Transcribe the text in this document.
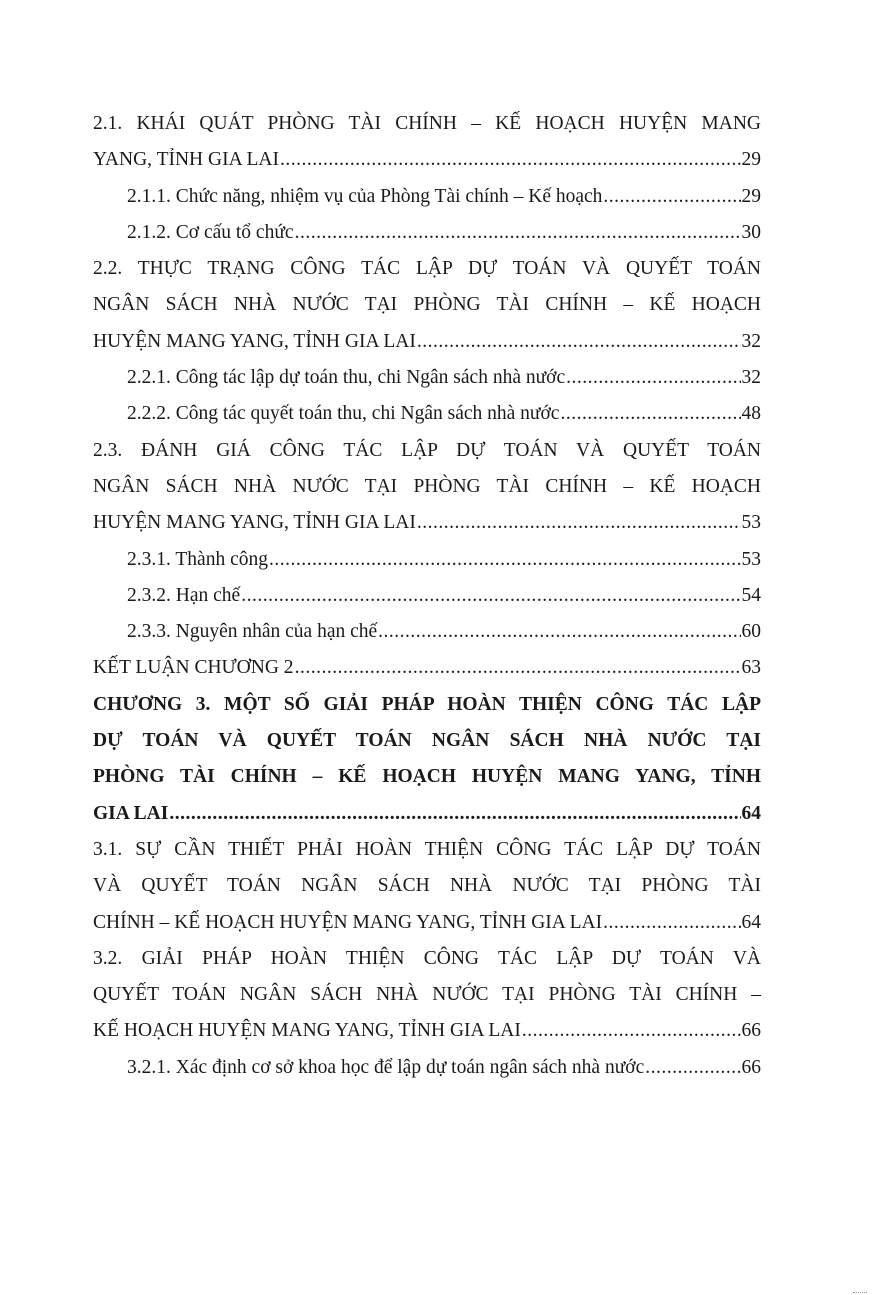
2.1. KHÁI QUÁT PHÒNG TÀI CHÍNH – KẾ HOẠCH HUYỆN MANG
YANG, TỈNH GIA LAI .....	29
2.1.1. Chức năng, nhiệm vụ của Phòng Tài chính – Kế hoạch .....	29
2.1.2. Cơ cấu tổ chức .....	30
2.2. THỰC TRẠNG CÔNG TÁC LẬP DỰ TOÁN VÀ QUYẾT TOÁN
NGÂN SÁCH NHÀ NƯỚC TẠI PHÒNG TÀI CHÍNH – KẾ HOẠCH
HUYỆN MANG YANG, TỈNH GIA LAI .....	32
2.2.1. Công tác lập dự toán thu, chi Ngân sách nhà nước .....	32
2.2.2. Công tác quyết toán thu, chi Ngân sách nhà nước .....	48
2.3. ĐÁNH GIÁ CÔNG TÁC LẬP DỰ TOÁN VÀ QUYẾT TOÁN
NGÂN SÁCH NHÀ NƯỚC TẠI PHÒNG TÀI CHÍNH – KẾ HOẠCH
HUYỆN MANG YANG, TỈNH GIA LAI .....	53
2.3.1. Thành công .....	53
2.3.2. Hạn chế .....	54
2.3.3. Nguyên nhân của hạn chế .....	60
KẾT LUẬN CHƯƠNG 2 .....	63
CHƯƠNG 3. MỘT SỐ GIẢI PHÁP HOÀN THIỆN CÔNG TÁC LẬP
DỰ TOÁN VÀ QUYẾT TOÁN NGÂN SÁCH NHÀ NƯỚC TẠI
PHÒNG TÀI CHÍNH – KẾ HOẠCH HUYỆN MANG YANG, TỈNH
GIA LAI .....	64
3.1. SỰ CẦN THIẾT PHẢI HOÀN THIỆN CÔNG TÁC LẬP DỰ TOÁN
VÀ QUYẾT TOÁN NGÂN SÁCH NHÀ NƯỚC TẠI PHÒNG TÀI
CHÍNH – KẾ HOẠCH HUYỆN MANG YANG, TỈNH GIA LAI .....	64
3.2. GIẢI PHÁP HOÀN THIỆN CÔNG TÁC LẬP DỰ TOÁN VÀ
QUYẾT TOÁN NGÂN SÁCH NHÀ NƯỚC TẠI PHÒNG TÀI CHÍNH –
KẾ HOẠCH HUYỆN MANG YANG, TỈNH GIA LAI .....	66
3.2.1. Xác định cơ sở khoa học để lập dự toán ngân sách nhà nước .....	66
